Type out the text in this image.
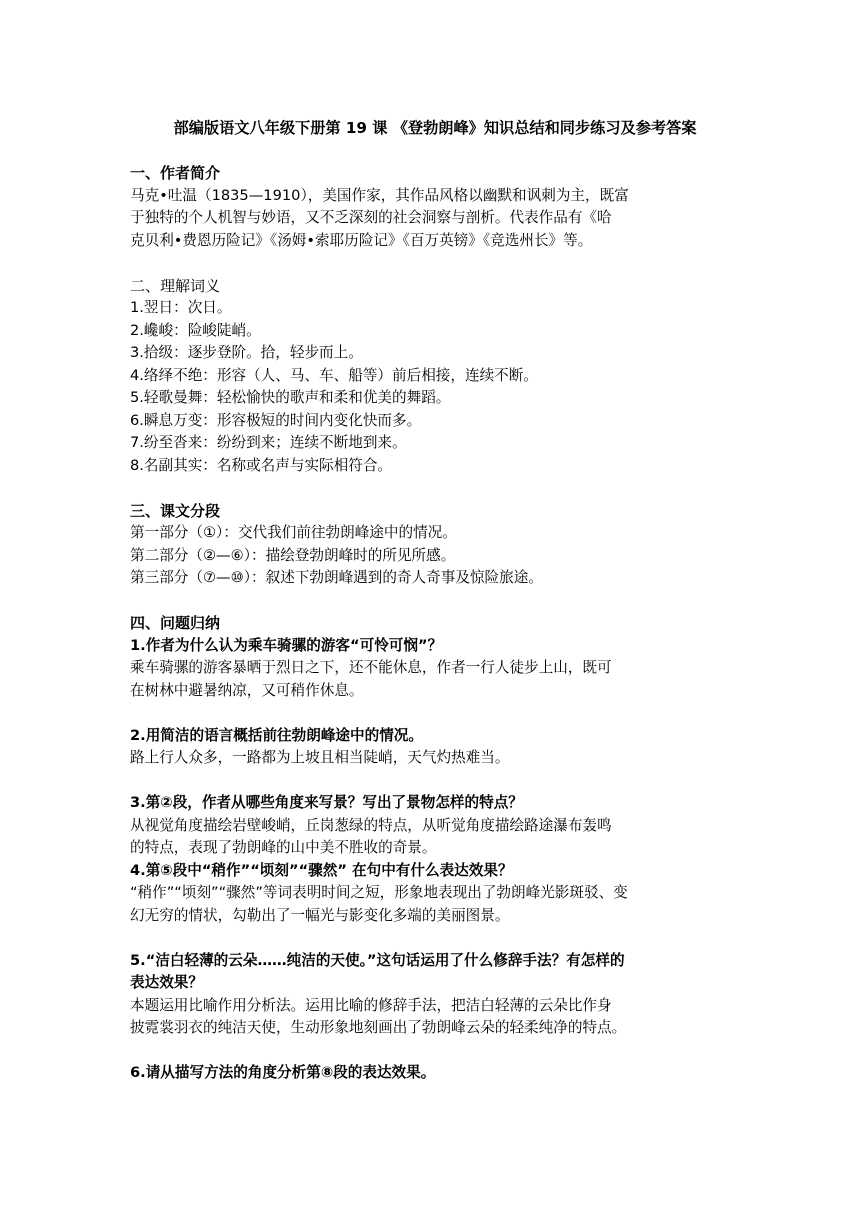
部编版语文八年级下册第 19 课 《登勃朗峰》知识总结和同步练习及参考答案
一、作者简介
马克•吐温（1835—1910），美国作家，其作品风格以幽默和讽刺为主，既富
于独特的个人机智与妙语，又不乏深刻的社会洞察与剖析。代表作品有《哈
克贝利•费恩历险记》《汤姆•索耶历险记》《百万英镑》《竞选州长》等。
二、理解词义
1.翌日：次日。
2.巉峻：险峻陡峭。
3.拾级：逐步登阶。拾，轻步而上。
4.络绎不绝：形容（人、马、车、船等）前后相接，连续不断。
5.轻歌曼舞：轻松愉快的歌声和柔和优美的舞蹈。
6.瞬息万变：形容极短的时间内变化快而多。
7.纷至沓来：纷纷到来；连续不断地到来。
8.名副其实：名称或名声与实际相符合。
三、课文分段
第一部分（①）：交代我们前往勃朗峰途中的情况。
第二部分（②—⑥）：描绘登勃朗峰时的所见所感。
第三部分（⑦—⑩）：叙述下勃朗峰遇到的奇人奇事及惊险旅途。
四、问题归纳
1.作者为什么认为乘车骑骡的游客“可怜可悯”？
乘车骑骡的游客暴晒于烈日之下，还不能休息，作者一行人徒步上山，既可
在树林中避暑纳凉，又可稍作休息。
2.用简洁的语言概括前往勃朗峰途中的情况。
路上行人众多，一路都为上坡且相当陡峭，天气灼热难当。
3.第②段，作者从哪些角度来写景？写出了景物怎样的特点？
从视觉角度描绘岩壁峻峭，丘岗葱绿的特点，从听觉角度描绘路途瀑布轰鸣
的特点，表现了勃朗峰的山中美不胜收的奇景。
4.第⑤段中“稍作”“顷刻”“骤然” 在句中有什么表达效果？
“稍作”“顷刻”“骤然”等词表明时间之短，形象地表现出了勃朗峰光影斑驳、变
幻无穷的情状，勾勒出了一幅光与影变化多端的美丽图景。
5.“洁白轻薄的云朵……纯洁的天使。”这句话运用了什么修辞手法？有怎样的
表达效果？
本题运用比喻作用分析法。运用比喻的修辞手法，把洁白轻薄的云朵比作身
披霓裳羽衣的纯洁天使，生动形象地刻画出了勃朗峰云朵的轻柔纯净的特点。
6.请从描写方法的角度分析第⑧段的表达效果。
